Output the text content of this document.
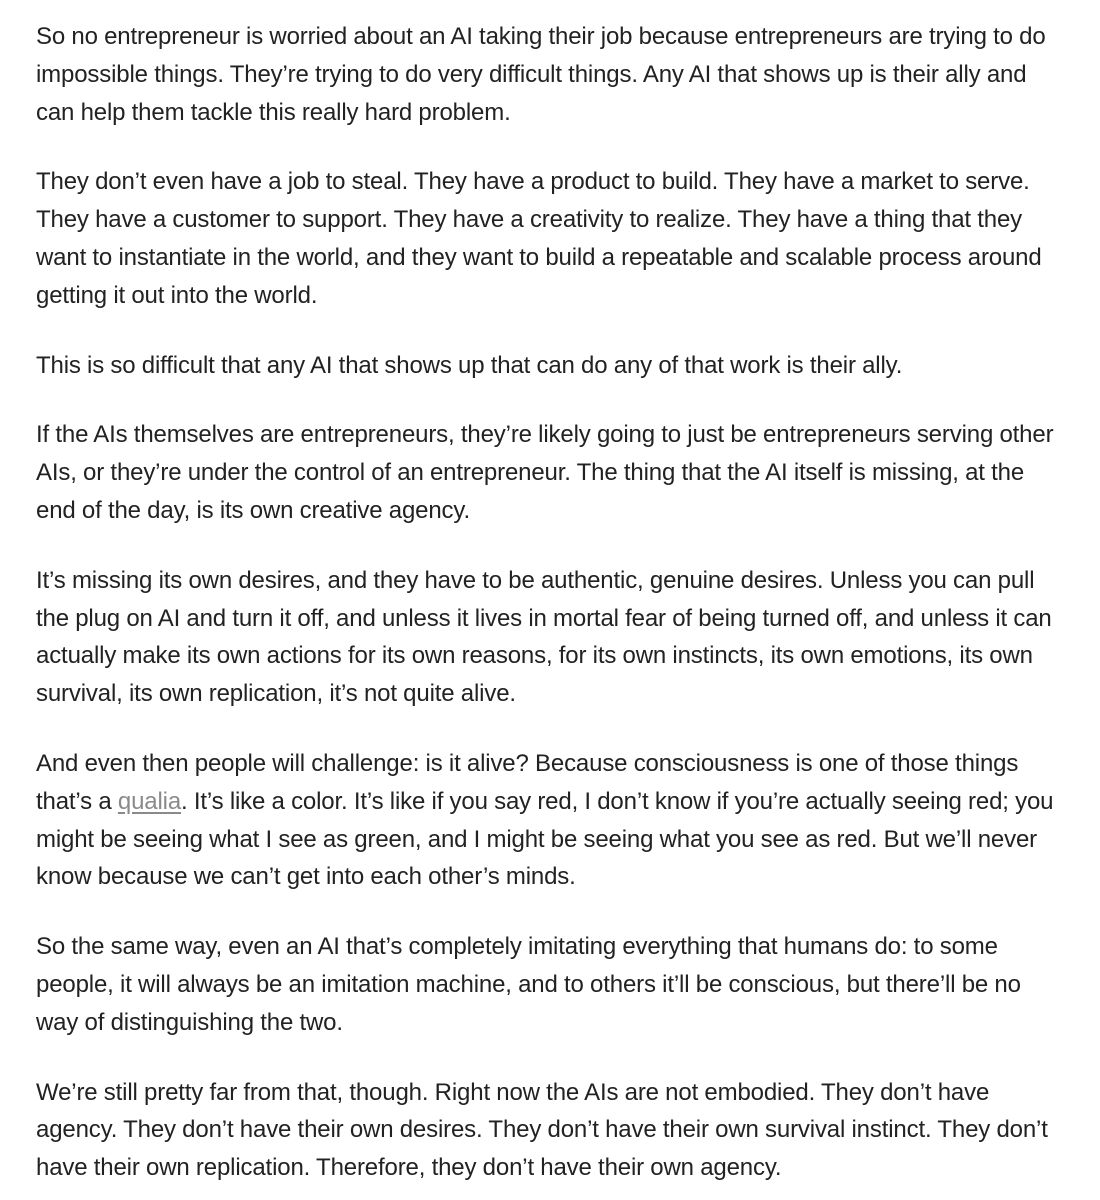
So no entrepreneur is worried about an AI taking their job because entrepreneurs are trying to do impossible things. They’re trying to do very difficult things. Any AI that shows up is their ally and can help them tackle this really hard problem.

They don’t even have a job to steal. They have a product to build. They have a market to serve. They have a customer to support. They have a creativity to realize. They have a thing that they want to instantiate in the world, and they want to build a repeatable and scalable process around getting it out into the world.

This is so difficult that any AI that shows up that can do any of that work is their ally.

If the AIs themselves are entrepreneurs, they’re likely going to just be entrepreneurs serving other AIs, or they’re under the control of an entrepreneur. The thing that the AI itself is missing, at the end of the day, is its own creative agency.

It’s missing its own desires, and they have to be authentic, genuine desires. Unless you can pull the plug on AI and turn it off, and unless it lives in mortal fear of being turned off, and unless it can actually make its own actions for its own reasons, for its own instincts, its own emotions, its own survival, its own replication, it’s not quite alive.

And even then people will challenge: is it alive? Because consciousness is one of those things that’s a qualia. It’s like a color. It’s like if you say red, I don’t know if you’re actually seeing red; you might be seeing what I see as green, and I might be seeing what you see as red. But we’ll never know because we can’t get into each other’s minds.

So the same way, even an AI that’s completely imitating everything that humans do: to some people, it will always be an imitation machine, and to others it’ll be conscious, but there’ll be no way of distinguishing the two.

We’re still pretty far from that, though. Right now the AIs are not embodied. They don’t have agency. They don’t have their own desires. They don’t have their own survival instinct. They don’t have their own replication. Therefore, they don’t have their own agency.
